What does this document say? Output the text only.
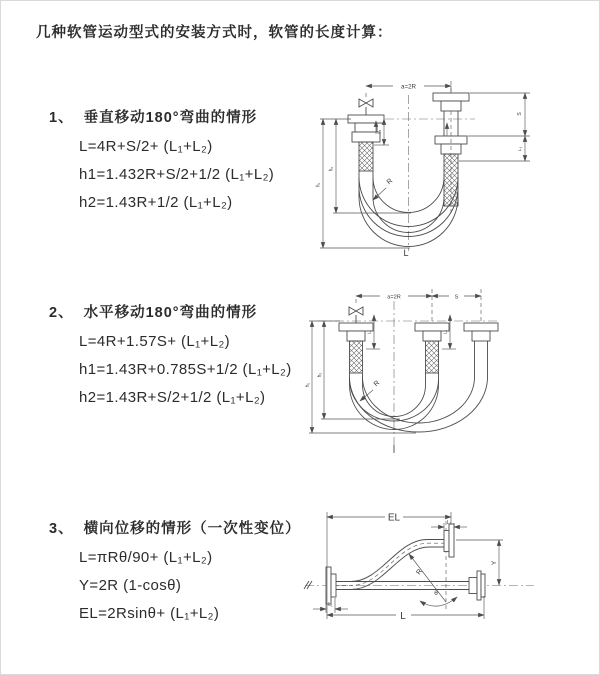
几种软管运动型式的安装方式时，软管的长度计算：
1、 垂直移动180°弯曲的情形
L=4R+S/2+ (L₁+L₂)
h1=1.432R+S/2+1/2 (L₁+L₂)
h2=1.43R+1/2 (L₁+L₂)
2、 水平移动180°弯曲的情形
L=4R+1.57S+ (L₁+L₂)
h1=1.43R+0.785S+1/2 (L₁+L₂)
h2=1.43R+S/2+1/2 (L₁+L₂)
3、 横向位移的情形（一次性变位）
L=πRθ/90+ (L₁+L₂)
Y=2R (1-cosθ)
EL=2Rsinθ+ (L₁+L₂)
a=2R
h₁
h₂
L₁
S
L₁
R
L
a=2R	S
h₁
h₂
L₁	L₁
R
EL	L₁
R
θ
Y
L₁
L
